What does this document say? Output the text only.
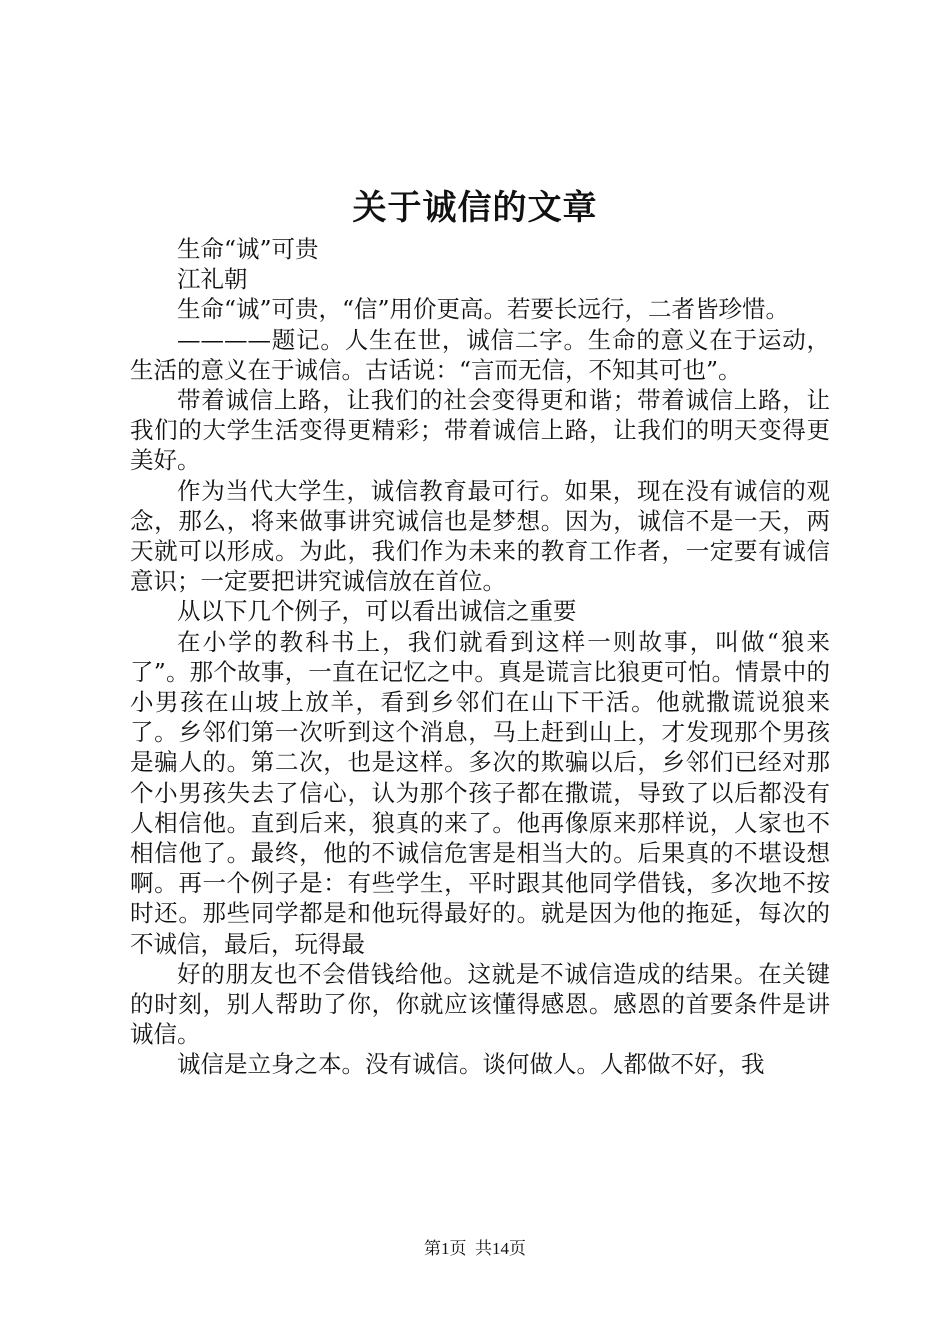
关于诚信的文章

生命“诚”可贵

江礼朝

生命“诚”可贵，“信”用价更高。若要长远行，二者皆珍惜。

————题记。人生在世，诚信二字。生命的意义在于运动，生活的意义在于诚信。古话说：“言而无信，不知其可也”。

带着诚信上路，让我们的社会变得更和谐；带着诚信上路，让我们的大学生活变得更精彩；带着诚信上路，让我们的明天变得更美好。

作为当代大学生，诚信教育最可行。如果，现在没有诚信的观念，那么，将来做事讲究诚信也是梦想。因为，诚信不是一天，两天就可以形成。为此，我们作为未来的教育工作者，一定要有诚信意识；一定要把讲究诚信放在首位。

从以下几个例子，可以看出诚信之重要

在小学的教科书上，我们就看到这样一则故事，叫做“狼来了”。那个故事，一直在记忆之中。真是谎言比狼更可怕。情景中的小男孩在山坡上放羊，看到乡邻们在山下干活。他就撒谎说狼来了。乡邻们第一次听到这个消息，马上赶到山上，才发现那个男孩是骗人的。第二次，也是这样。多次的欺骗以后，乡邻们已经对那个小男孩失去了信心，认为那个孩子都在撒谎，导致了以后都没有人相信他。直到后来，狼真的来了。他再像原来那样说，人家也不相信他了。最终，他的不诚信危害是相当大的。后果真的不堪设想啊。再一个例子是：有些学生，平时跟其他同学借钱，多次地不按时还。那些同学都是和他玩得最好的。就是因为他的拖延，每次的不诚信，最后，玩得最

好的朋友也不会借钱给他。这就是不诚信造成的结果。在关键的时刻，别人帮助了你，你就应该懂得感恩。感恩的首要条件是讲诚信。

诚信是立身之本。没有诚信。谈何做人。人都做不好，我

第1页 共14页
